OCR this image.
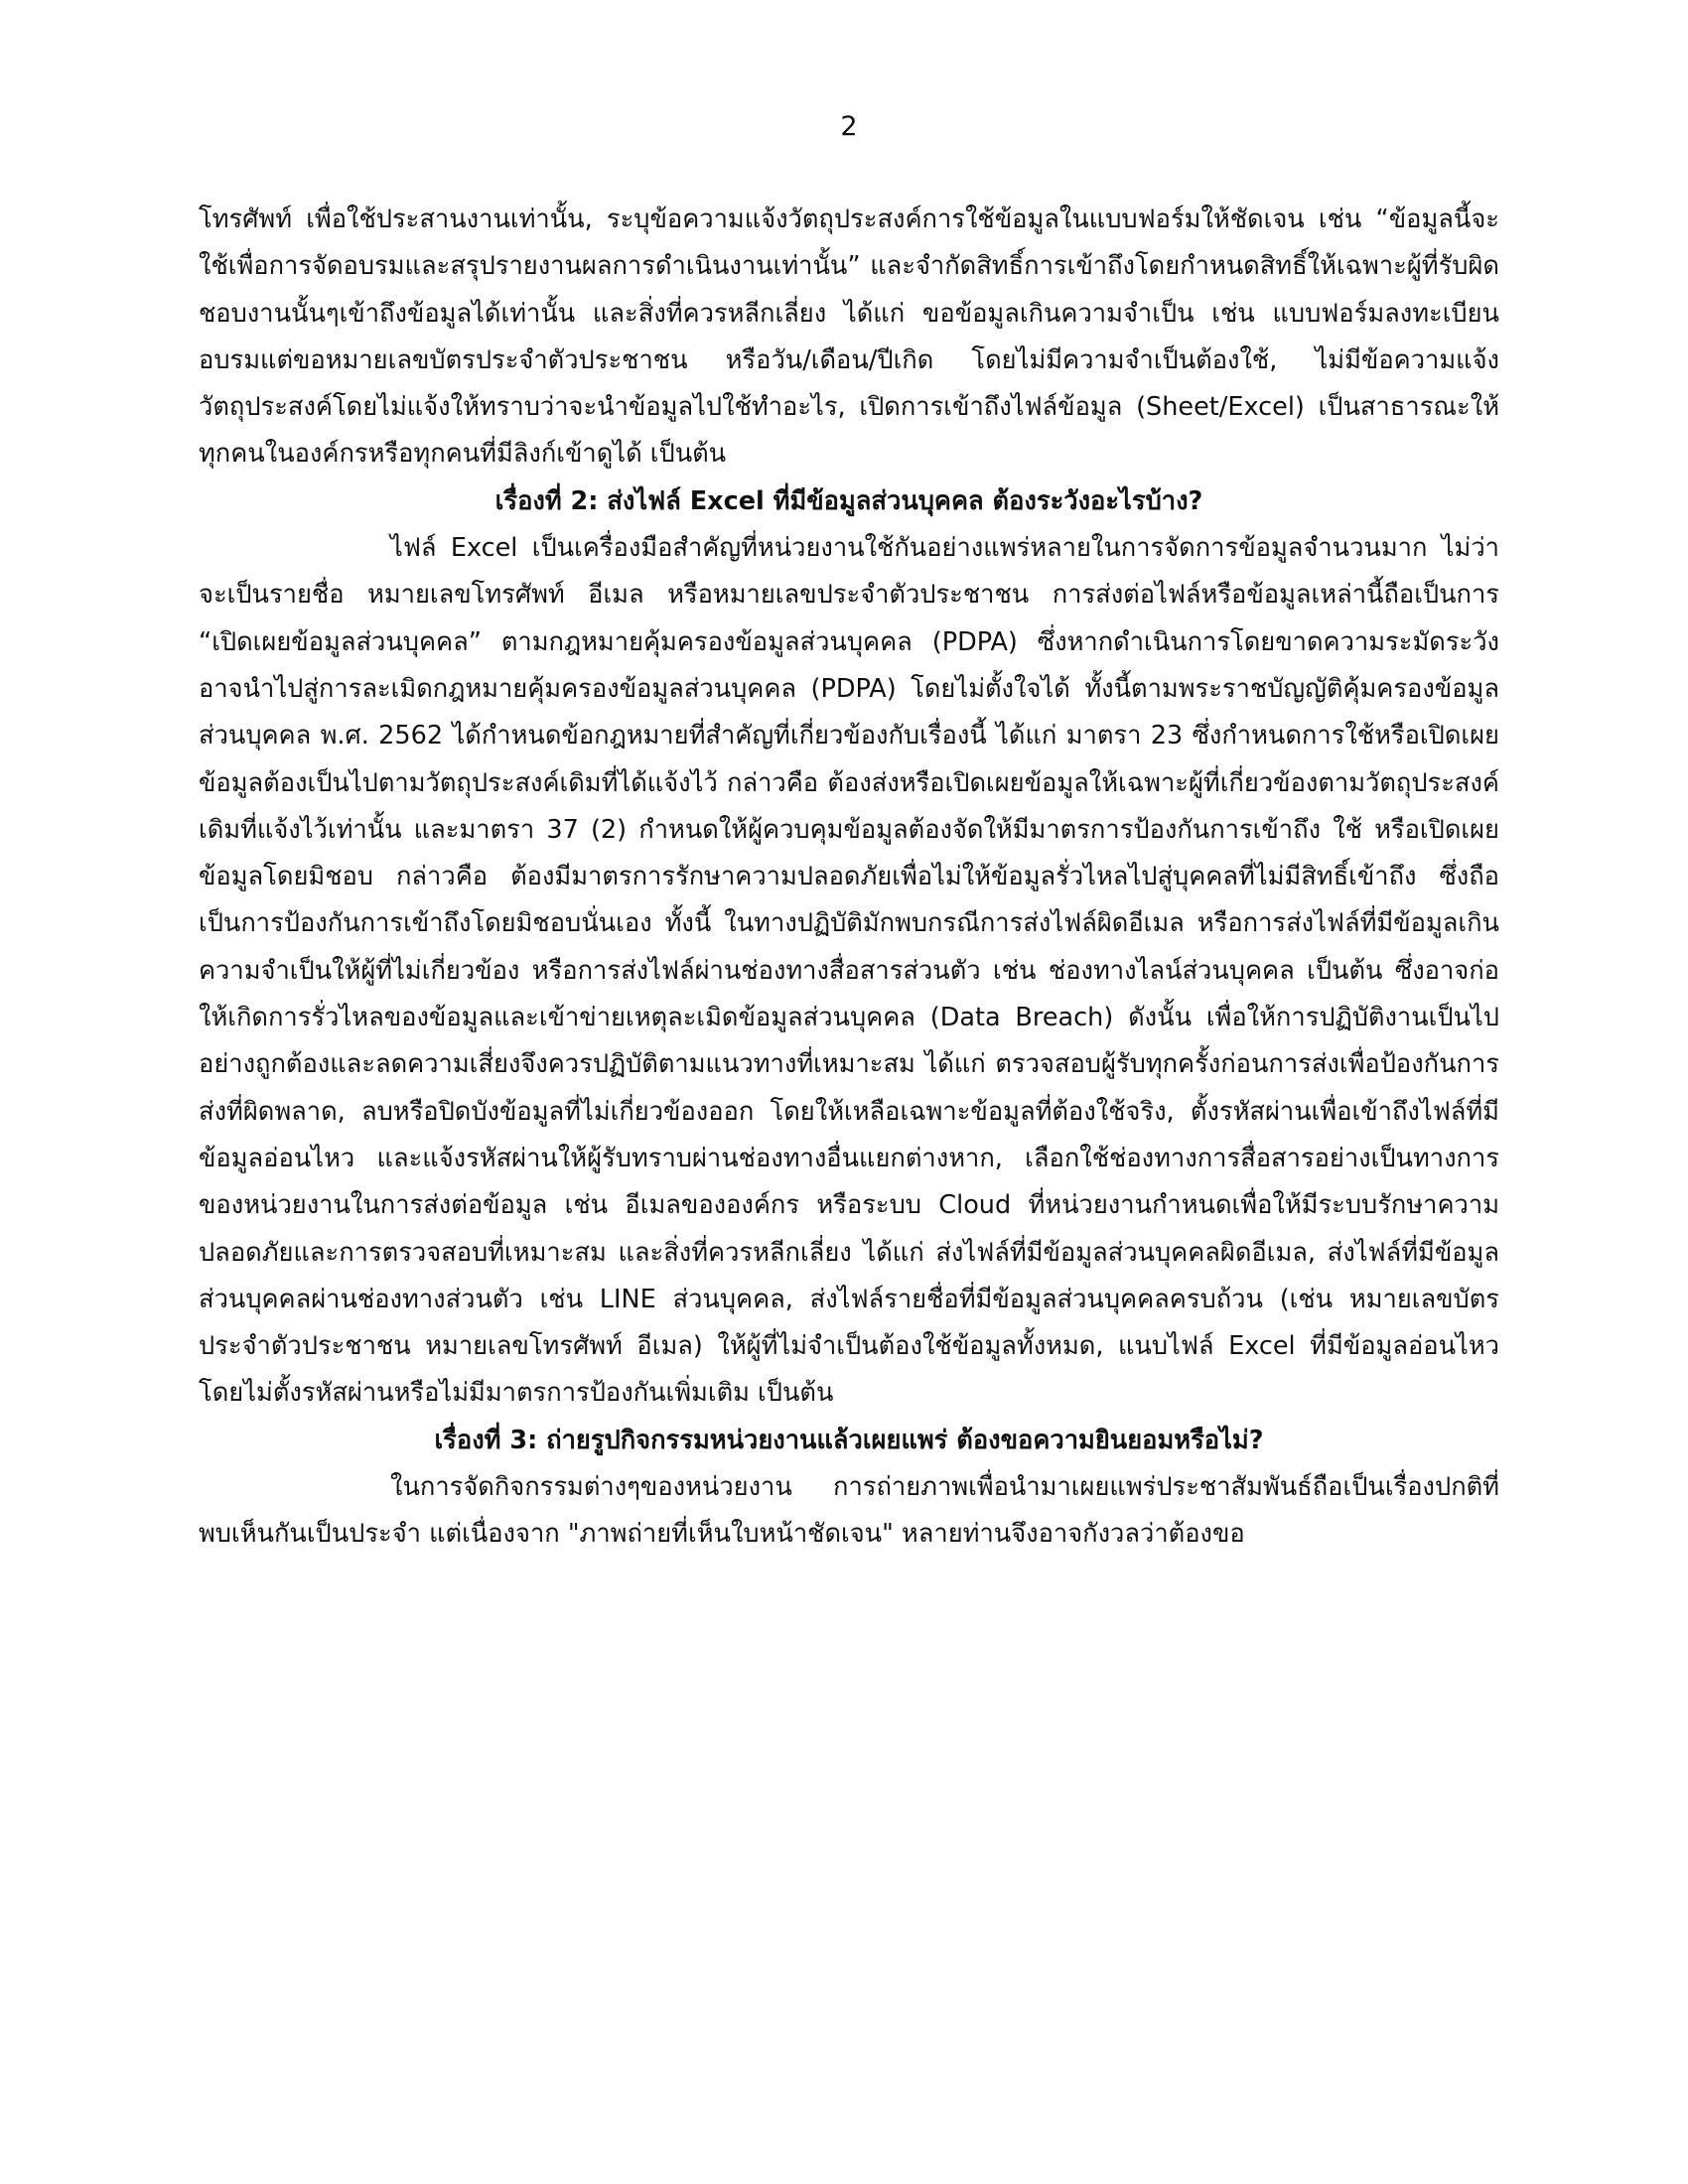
2

โทรศัพท์ เพื่อใช้ประสานงานเท่านั้น, ระบุข้อความแจ้งวัตถุประสงค์การใช้ข้อมูลในแบบฟอร์มให้ชัดเจน เช่น “ข้อมูลนี้จะใช้เพื่อการจัดอบรมและสรุปรายงานผลการดำเนินงานเท่านั้น” และจำกัดสิทธิ์การเข้าถึงโดยกำหนดสิทธิ์ให้เฉพาะผู้ที่รับผิดชอบงานนั้นๆเข้าถึงข้อมูลได้เท่านั้น และสิ่งที่ควรหลีกเลี่ยง ได้แก่ ขอข้อมูลเกินความจำเป็น เช่น แบบฟอร์มลงทะเบียนอบรมแต่ขอหมายเลขบัตรประจำตัวประชาชน หรือวัน/เดือน/ปีเกิด โดยไม่มีความจำเป็นต้องใช้, ไม่มีข้อความแจ้งวัตถุประสงค์โดยไม่แจ้งให้ทราบว่าจะนำข้อมูลไปใช้ทำอะไร, เปิดการเข้าถึงไฟล์ข้อมูล (Sheet/Excel) เป็นสาธารณะให้ทุกคนในองค์กรหรือทุกคนที่มีลิงก์เข้าดูได้ เป็นต้น

เรื่องที่ 2: ส่งไฟล์ Excel ที่มีข้อมูลส่วนบุคคล ต้องระวังอะไรบ้าง?

ไฟล์ Excel เป็นเครื่องมือสำคัญที่หน่วยงานใช้กันอย่างแพร่หลายในการจัดการข้อมูลจำนวนมาก ไม่ว่าจะเป็นรายชื่อ หมายเลขโทรศัพท์ อีเมล หรือหมายเลขประจำตัวประชาชน การส่งต่อไฟล์หรือข้อมูลเหล่านี้ถือเป็นการ “เปิดเผยข้อมูลส่วนบุคคล” ตามกฎหมายคุ้มครองข้อมูลส่วนบุคคล (PDPA) ซึ่งหากดำเนินการโดยขาดความระมัดระวัง อาจนำไปสู่การละเมิดกฎหมายคุ้มครองข้อมูลส่วนบุคคล (PDPA) โดยไม่ตั้งใจได้ ทั้งนี้ตามพระราชบัญญัติคุ้มครองข้อมูลส่วนบุคคล พ.ศ. 2562 ได้กำหนดข้อกฎหมายที่สำคัญที่เกี่ยวข้องกับเรื่องนี้ ได้แก่ มาตรา 23 ซึ่งกำหนดการใช้หรือเปิดเผยข้อมูลต้องเป็นไปตามวัตถุประสงค์เดิมที่ได้แจ้งไว้ กล่าวคือ ต้องส่งหรือเปิดเผยข้อมูลให้เฉพาะผู้ที่เกี่ยวข้องตามวัตถุประสงค์เดิมที่แจ้งไว้เท่านั้น และมาตรา 37 (2) กำหนดให้ผู้ควบคุมข้อมูลต้องจัดให้มีมาตรการป้องกันการเข้าถึง ใช้ หรือเปิดเผยข้อมูลโดยมิชอบ กล่าวคือ ต้องมีมาตรการรักษาความปลอดภัยเพื่อไม่ให้ข้อมูลรั่วไหลไปสู่บุคคลที่ไม่มีสิทธิ์เข้าถึง ซึ่งถือเป็นการป้องกันการเข้าถึงโดยมิชอบนั่นเอง ทั้งนี้ ในทางปฏิบัติมักพบกรณีการส่งไฟล์ผิดอีเมล หรือการส่งไฟล์ที่มีข้อมูลเกินความจำเป็นให้ผู้ที่ไม่เกี่ยวข้อง หรือการส่งไฟล์ผ่านช่องทางสื่อสารส่วนตัว เช่น ช่องทางไลน์ส่วนบุคคล เป็นต้น ซึ่งอาจก่อให้เกิดการรั่วไหลของข้อมูลและเข้าข่ายเหตุละเมิดข้อมูลส่วนบุคคล (Data Breach) ดังนั้น เพื่อให้การปฏิบัติงานเป็นไปอย่างถูกต้องและลดความเสี่ยงจึงควรปฏิบัติตามแนวทางที่เหมาะสม ได้แก่ ตรวจสอบผู้รับทุกครั้งก่อนการส่งเพื่อป้องกันการส่งที่ผิดพลาด, ลบหรือปิดบังข้อมูลที่ไม่เกี่ยวข้องออก โดยให้เหลือเฉพาะข้อมูลที่ต้องใช้จริง, ตั้งรหัสผ่านเพื่อเข้าถึงไฟล์ที่มีข้อมูลอ่อนไหว และแจ้งรหัสผ่านให้ผู้รับทราบผ่านช่องทางอื่นแยกต่างหาก, เลือกใช้ช่องทางการสื่อสารอย่างเป็นทางการของหน่วยงานในการส่งต่อข้อมูล เช่น อีเมลขององค์กร หรือระบบ Cloud ที่หน่วยงานกำหนดเพื่อให้มีระบบรักษาความปลอดภัยและการตรวจสอบที่เหมาะสม และสิ่งที่ควรหลีกเลี่ยง ได้แก่ ส่งไฟล์ที่มีข้อมูลส่วนบุคคลผิดอีเมล, ส่งไฟล์ที่มีข้อมูลส่วนบุคคลผ่านช่องทางส่วนตัว เช่น LINE ส่วนบุคคล, ส่งไฟล์รายชื่อที่มีข้อมูลส่วนบุคคลครบถ้วน (เช่น หมายเลขบัตรประจำตัวประชาชน หมายเลขโทรศัพท์ อีเมล) ให้ผู้ที่ไม่จำเป็นต้องใช้ข้อมูลทั้งหมด, แนบไฟล์ Excel ที่มีข้อมูลอ่อนไหวโดยไม่ตั้งรหัสผ่านหรือไม่มีมาตรการป้องกันเพิ่มเติม เป็นต้น

เรื่องที่ 3: ถ่ายรูปกิจกรรมหน่วยงานแล้วเผยแพร่ ต้องขอความยินยอมหรือไม่?

ในการจัดกิจกรรมต่างๆของหน่วยงาน การถ่ายภาพเพื่อนำมาเผยแพร่ประชาสัมพันธ์ถือเป็นเรื่องปกติที่พบเห็นกันเป็นประจำ แต่เนื่องจาก "ภาพถ่ายที่เห็นใบหน้าชัดเจน" หลายท่านจึงอาจกังวลว่าต้องขอ
